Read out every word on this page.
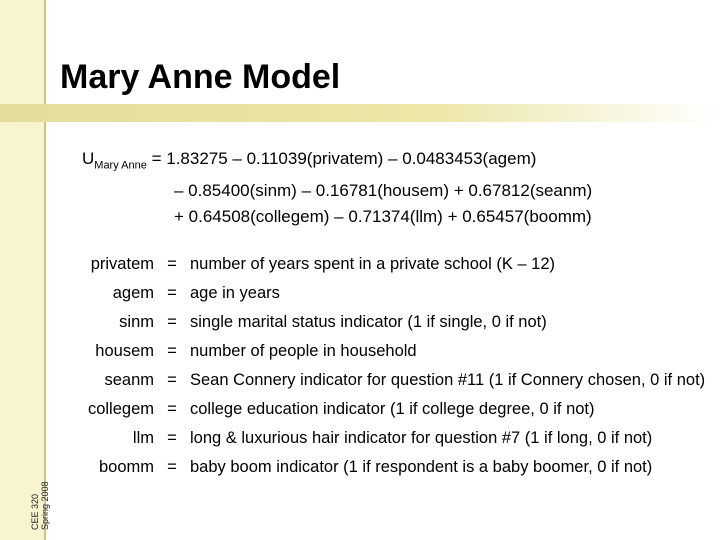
Mary Anne Model
CEE 320 Spring 2008
$U_{Mary Anne} = 1.83275$ – 0.11039(privatem) – 0.0483453(agem)
– 0.85400(sinm) – 0.16781(housem) + 0.67812(seanm)
+ 0.64508(collegem) – 0.71374(llm) + 0.65457(boomm)
privatem = number of years spent in a private school (K – 12)
agem = age in years
sinm = single marital status indicator (1 if single, 0 if not)
housem = number of people in household
seanm = Sean Connery indicator for question #11 (1 if Connery chosen, 0 if not)
collegem = college education indicator (1 if college degree, 0 if not)
llm = long & luxurious hair indicator for question #7 (1 if long, 0 if not)
boomm = baby boom indicator (1 if respondent is a baby boomer, 0 if not)
